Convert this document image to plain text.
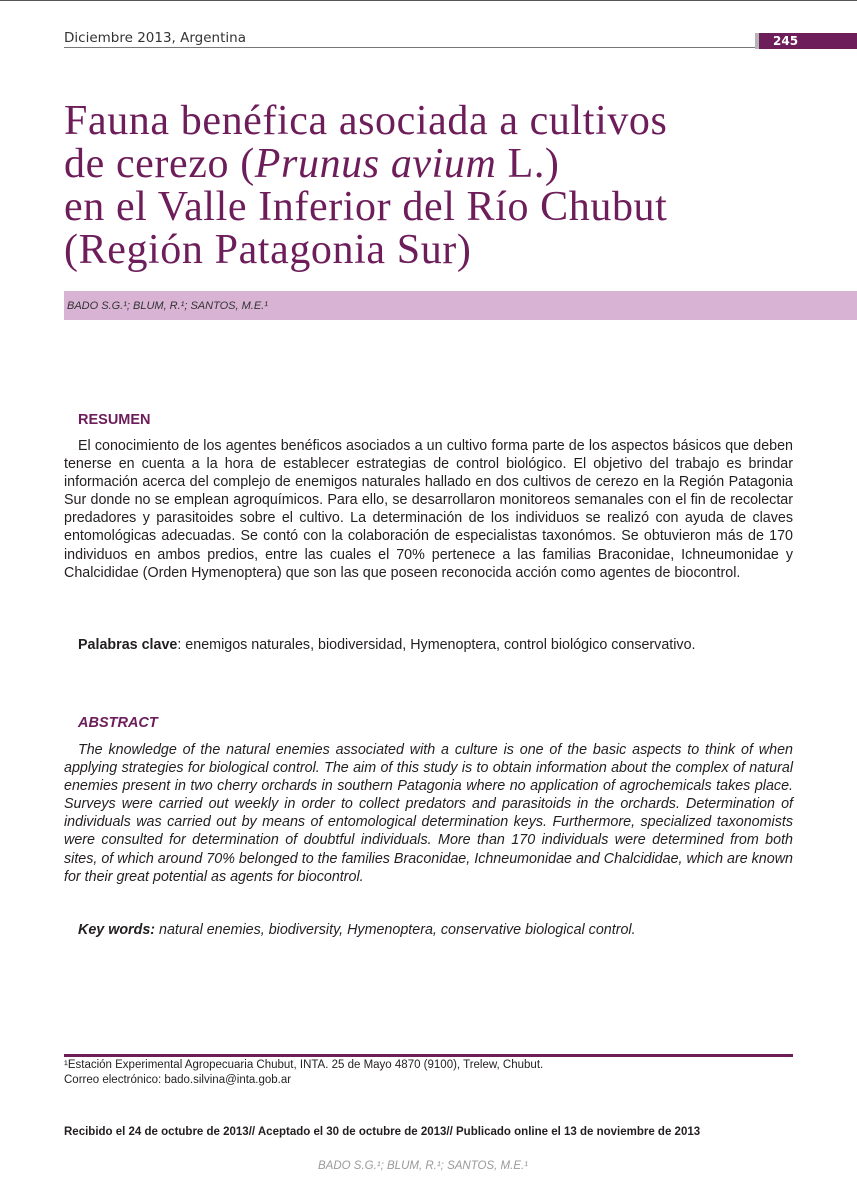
Diciembre 2013, Argentina	245
Fauna benéfica asociada a cultivos
de cerezo (Prunus avium L.)
en el Valle Inferior del Río Chubut
(Región Patagonia Sur)
BADO S.G.¹; BLUM, R.¹; SANTOS, M.E.¹
RESUMEN

El conocimiento de los agentes benéficos asociados a un cultivo forma parte de los aspectos básicos que deben tenerse en cuenta a la hora de establecer estrategias de control biológico. El objetivo del trabajo es brindar información acerca del complejo de enemigos naturales hallado en dos cultivos de cerezo en la Región Patagonia Sur donde no se emplean agroquímicos. Para ello, se desarrollaron monitoreos semanales con el fin de recolectar predadores y parasitoides sobre el cultivo. La determinación de los individuos se realizó con ayuda de claves entomológicas adecuadas. Se contó con la colaboración de especialistas taxonómos. Se obtuvieron más de 170 individuos en ambos predios, entre las cuales el 70% pertenece a las familias Braconidae, Ichneumonidae y Chalcididae (Orden Hymenoptera) que son las que poseen reconocida acción como agentes de biocontrol.

Palabras clave: enemigos naturales, biodiversidad, Hymenoptera, control biológico conservativo.
ABSTRACT

The knowledge of the natural enemies associated with a culture is one of the basic aspects to think of when applying strategies for biological control. The aim of this study is to obtain information about the complex of natural enemies present in two cherry orchards in southern Patagonia where no application of agrochemicals takes place. Surveys were carried out weekly in order to collect predators and parasitoids in the orchards. Determination of individuals was carried out by means of entomological determination keys. Furthermore, specialized taxonomists were consulted for determination of doubtful individuals. More than 170 individuals were determined from both sites, of which around 70% belonged to the families Braconidae, Ichneumonidae and Chalcididae, which are known for their great potential as agents for biocontrol.

Key words: natural enemies, biodiversity, Hymenoptera, conservative biological control.
¹Estación Experimental Agropecuaria Chubut, INTA. 25 de Mayo 4870 (9100), Trelew, Chubut.
Correo electrónico: bado.silvina@inta.gob.ar
Recibido el 24 de octubre de 2013// Aceptado el 30 de octubre de 2013// Publicado online el 13 de noviembre de 2013
BADO S.G.¹; BLUM, R.¹; SANTOS, M.E.¹
